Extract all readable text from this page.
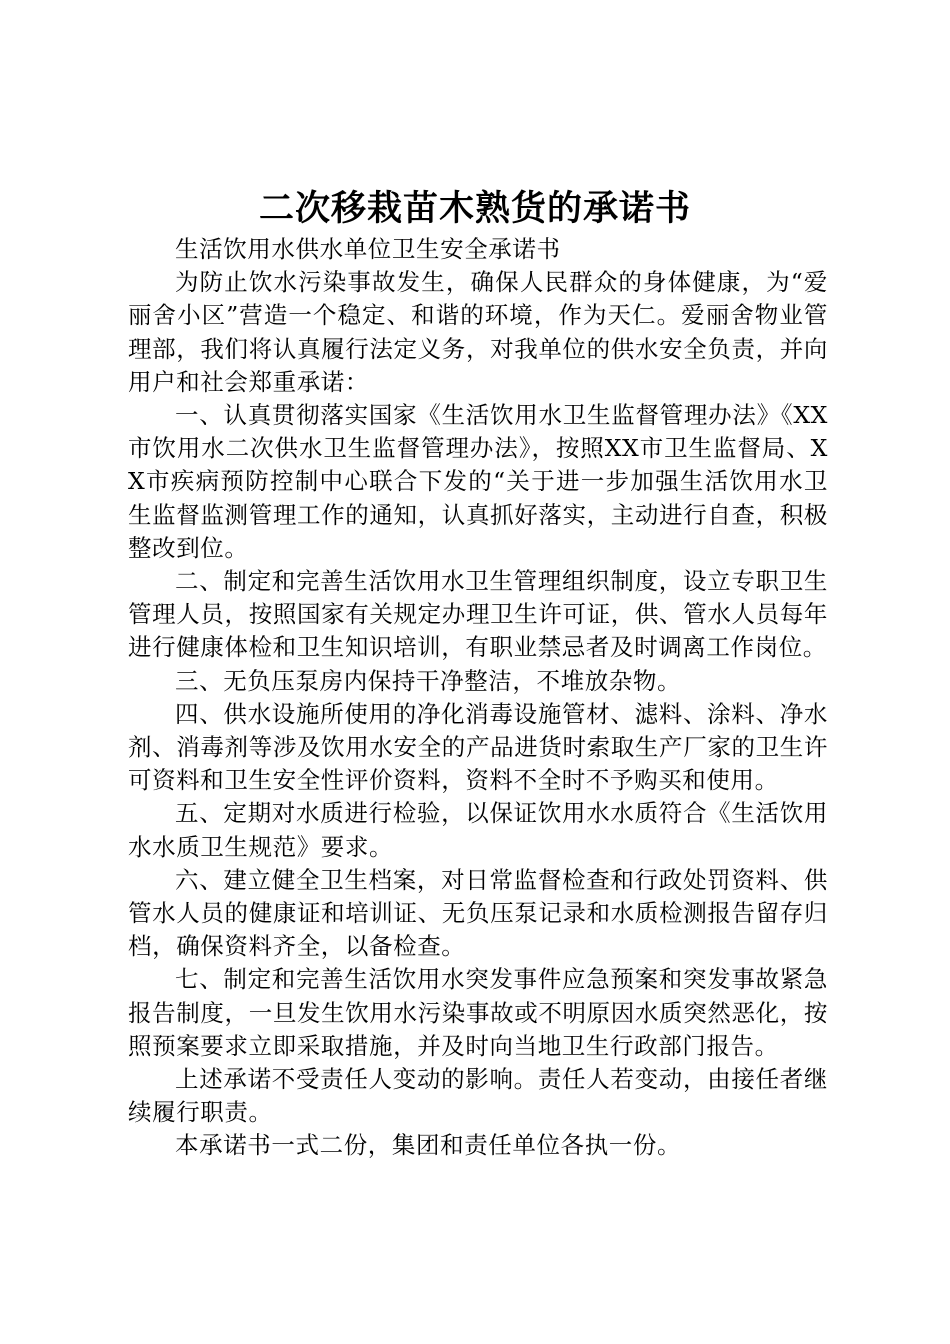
二次移栽苗木熟货的承诺书

生活饮用水供水单位卫生安全承诺书

为防止饮水污染事故发生，确保人民群众的身体健康，为“爱丽舍小区”营造一个稳定、和谐的环境，作为天仁。爱丽舍物业管理部，我们将认真履行法定义务，对我单位的供水安全负责，并向用户和社会郑重承诺：

一、认真贯彻落实国家《生活饮用水卫生监督管理办法》《XX市饮用水二次供水卫生监督管理办法》，按照XX市卫生监督局、XX市疾病预防控制中心联合下发的“关于进一步加强生活饮用水卫生监督监测管理工作的通知，认真抓好落实，主动进行自查，积极整改到位。

二、制定和完善生活饮用水卫生管理组织制度，设立专职卫生管理人员，按照国家有关规定办理卫生许可证，供、管水人员每年进行健康体检和卫生知识培训，有职业禁忌者及时调离工作岗位。

三、无负压泵房内保持干净整洁，不堆放杂物。

四、供水设施所使用的净化消毒设施管材、滤料、涂料、净水剂、消毒剂等涉及饮用水安全的产品进货时索取生产厂家的卫生许可资料和卫生安全性评价资料，资料不全时不予购买和使用。

五、定期对水质进行检验，以保证饮用水水质符合《生活饮用水水质卫生规范》要求。

六、建立健全卫生档案，对日常监督检查和行政处罚资料、供管水人员的健康证和培训证、无负压泵记录和水质检测报告留存归档，确保资料齐全，以备检查。

七、制定和完善生活饮用水突发事件应急预案和突发事故紧急报告制度，一旦发生饮用水污染事故或不明原因水质突然恶化，按照预案要求立即采取措施，并及时向当地卫生行政部门报告。

上述承诺不受责任人变动的影响。责任人若变动，由接任者继续履行职责。

本承诺书一式二份，集团和责任单位各执一份。
